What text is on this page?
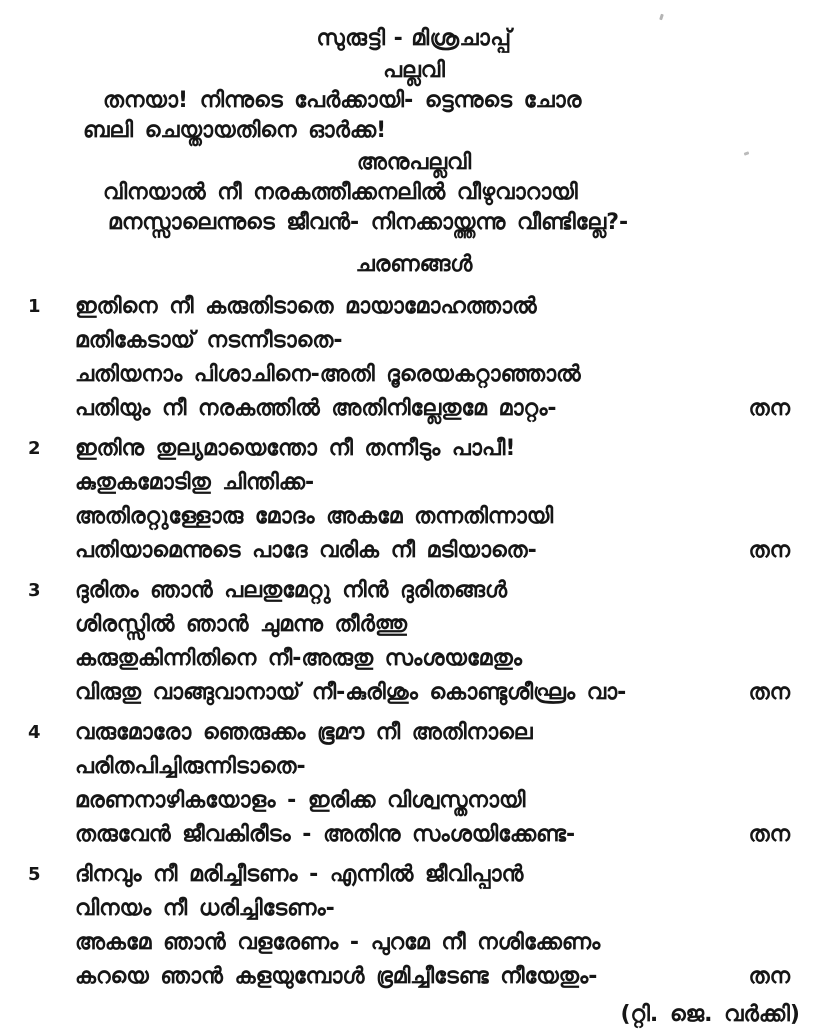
സുരുട്ടി - മിശ്രചാപ്പ്
പല്ലവി
തനയാ! നിന്നുടെ പേർക്കായി- ട്ടെന്നുടെ ചോര
ബലി ചെയ്തായതിനെ ഓർക്ക!
അനുപല്ലവി
വിനയാൽ നീ നരകത്തീക്കനലിൽ വീഴുവാറായി
മനസ്സാലെന്നുടെ ജീവൻ- നിനക്കായ്ത്തന്നു വീണ്ടില്ലേ?-
ചരണങ്ങൾ
1	ഇതിനെ നീ കരുതിടാതെ മായാമോഹത്താൽ
മതികേടായ് നടന്നീടാതെ-
ചതിയനാം പിശാചിനെ-അതി ദൂരെയകറ്റാഞ്ഞാൽ
പതിയും നീ നരകത്തിൽ അതിനില്ലേതുമേ മാറ്റം-	തന
2	ഇതിനു തുല്യമായെന്തോ നീ തന്നീടും പാപീ!
കുതുകമോടിതു ചിന്തിക്ക-
അതിരറ്റുള്ളോരു മോദം അകമേ തന്നതിന്നായി
പതിയാമെന്നുടെ പാദേ വരിക നീ മടിയാതെ-	തന
3	ദുരിതം ഞാൻ പലതുമേറ്റു നിൻ ദുരിതങ്ങൾ
ശിരസ്സിൽ ഞാൻ ചുമന്നു തീർത്തു
കരുതുകിന്നിതിനെ നീ-അരുതു സംശയമേതും
വിരുതു വാങ്ങുവാനായ് നീ-കുരിശും കൊണ്ടുശീഘ്രം വാ-	തന
4	വരുമോരോ ഞെരുക്കം ഭൂമൗ നീ അതിനാലെ
പരിതപിച്ചിരുന്നിടാതെ-
മരണനാഴികയോളം - ഇരിക്ക വിശ്വസ്തനായി
തരുവേൻ ജീവകിരീടം - അതിനു സംശയിക്കേണ്ട-	തന
5	ദിനവും നീ മരിച്ചീടണം - എന്നിൽ ജീവിപ്പാൻ
വിനയം നീ ധരിച്ചിടേണം-
അകമേ ഞാൻ വളരേണം - പുറമേ നീ നശിക്കേണം
കറയെ ഞാൻ കളയുമ്പോൾ ഭ്രമിച്ചീടേണ്ട നീയേതും-	തന
(റ്റി. ജെ. വർക്കി)
